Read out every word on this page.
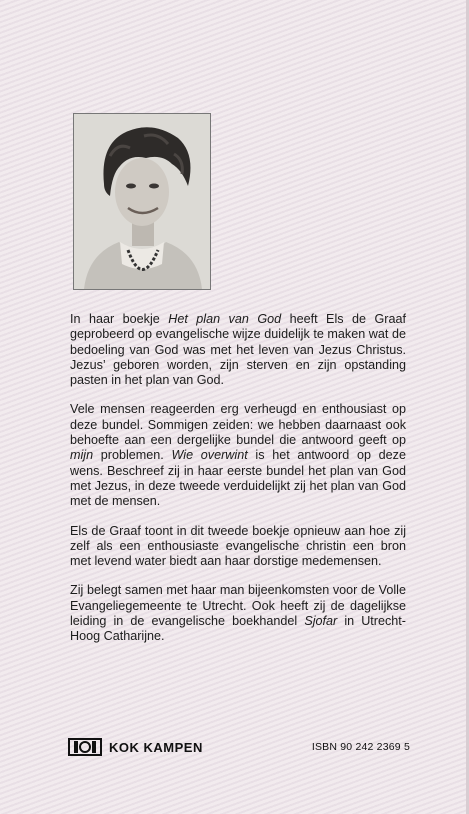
In haar boekje Het plan van God heeft Els de Graaf geprobeerd op evangelische wijze duidelijk te maken wat de bedoeling van God was met het leven van Jezus Christus. Jezus’ geboren worden, zijn sterven en zijn opstanding pasten in het plan van God.

Vele mensen reageerden erg verheugd en enthousiast op deze bundel. Sommigen zeiden: we hebben daarnaast ook behoefte aan een dergelijke bundel die antwoord geeft op mijn problemen. Wie overwint is het antwoord op deze wens. Beschreef zij in haar eerste bundel het plan van God met Jezus, in deze tweede verduidelijkt zij het plan van God met de mensen.

Els de Graaf toont in dit tweede boekje opnieuw aan hoe zij zelf als een enthousiaste evangelische christin een bron met levend water biedt aan haar dorstige medemensen.

Zij belegt samen met haar man bijeenkomsten voor de Volle Evangeliegemeente te Utrecht. Ook heeft zij de dagelijkse leiding in de evangelische boekhandel Sjofar in Utrecht-Hoog Catharijne.

KOK KAMPEN	ISBN 90 242 2369 5
